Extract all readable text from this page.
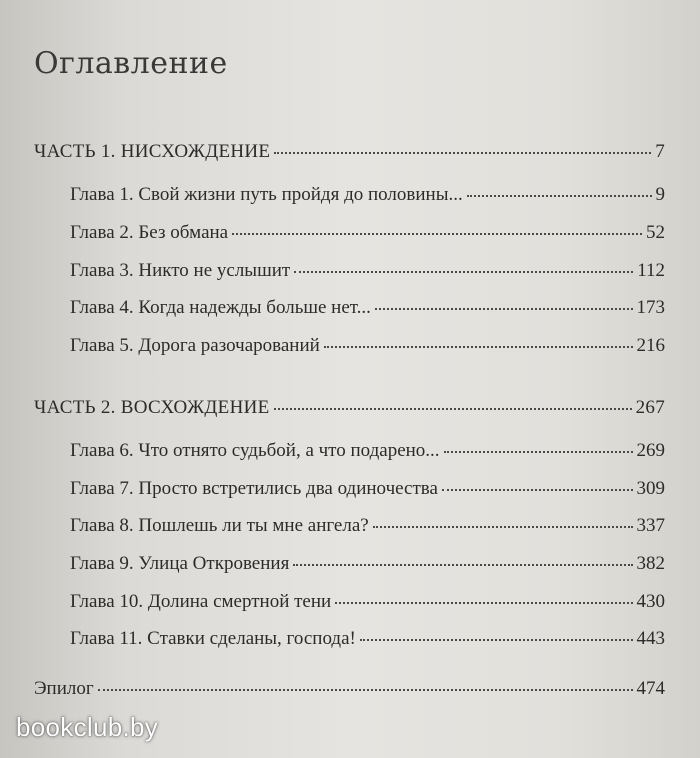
Оглавление
ЧАСТЬ 1. НИСХОЖДЕНИЕ	7
Глава 1. Свой жизни путь пройдя до половины...	9
Глава 2. Без обмана	52
Глава 3. Никто не услышит	112
Глава 4. Когда надежды больше нет...	173
Глава 5. Дорога разочарований	216
ЧАСТЬ 2. ВОСХОЖДЕНИЕ	267
Глава 6. Что отнято судьбой, а что подарено...	269
Глава 7. Просто встретились два одиночества	309
Глава 8. Пошлешь ли ты мне ангела?	337
Глава 9. Улица Откровения	382
Глава 10. Долина смертной тени	430
Глава 11. Ставки сделаны, господа!	443
Эпилог	474
bookclub.by
